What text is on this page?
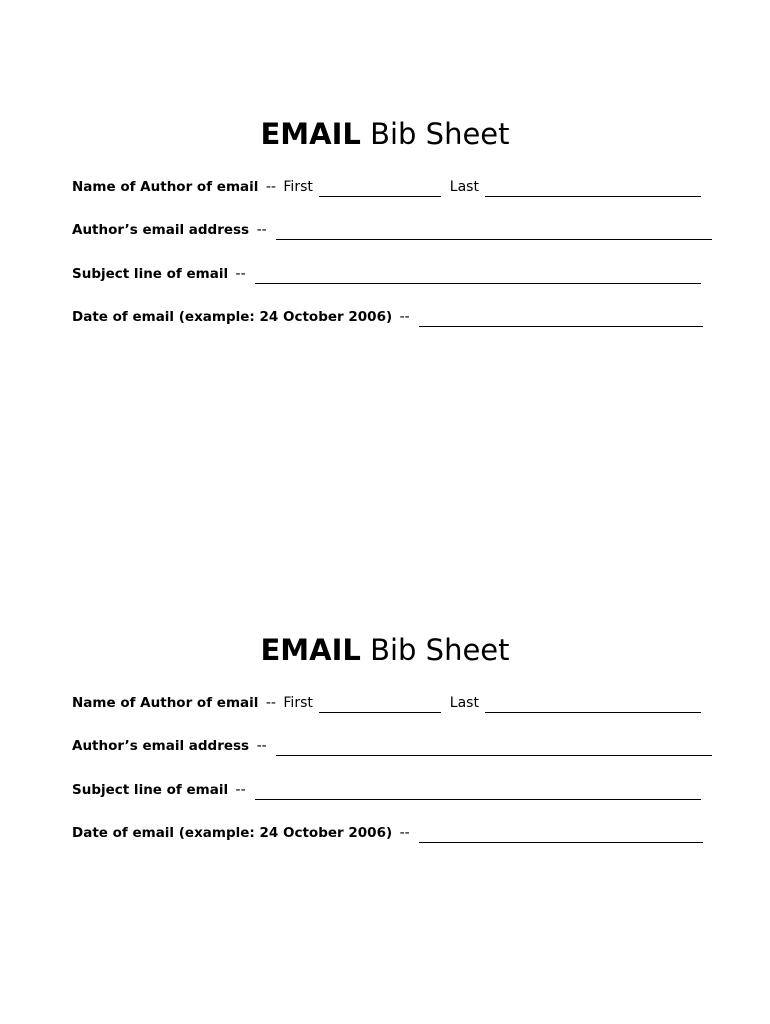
EMAIL Bib Sheet
Name of Author of email -- First	Last
Author’s email address --
Subject line of email --
Date of email (example: 24 October 2006) --
EMAIL Bib Sheet
Name of Author of email -- First	Last
Author’s email address --
Subject line of email --
Date of email (example: 24 October 2006) --
